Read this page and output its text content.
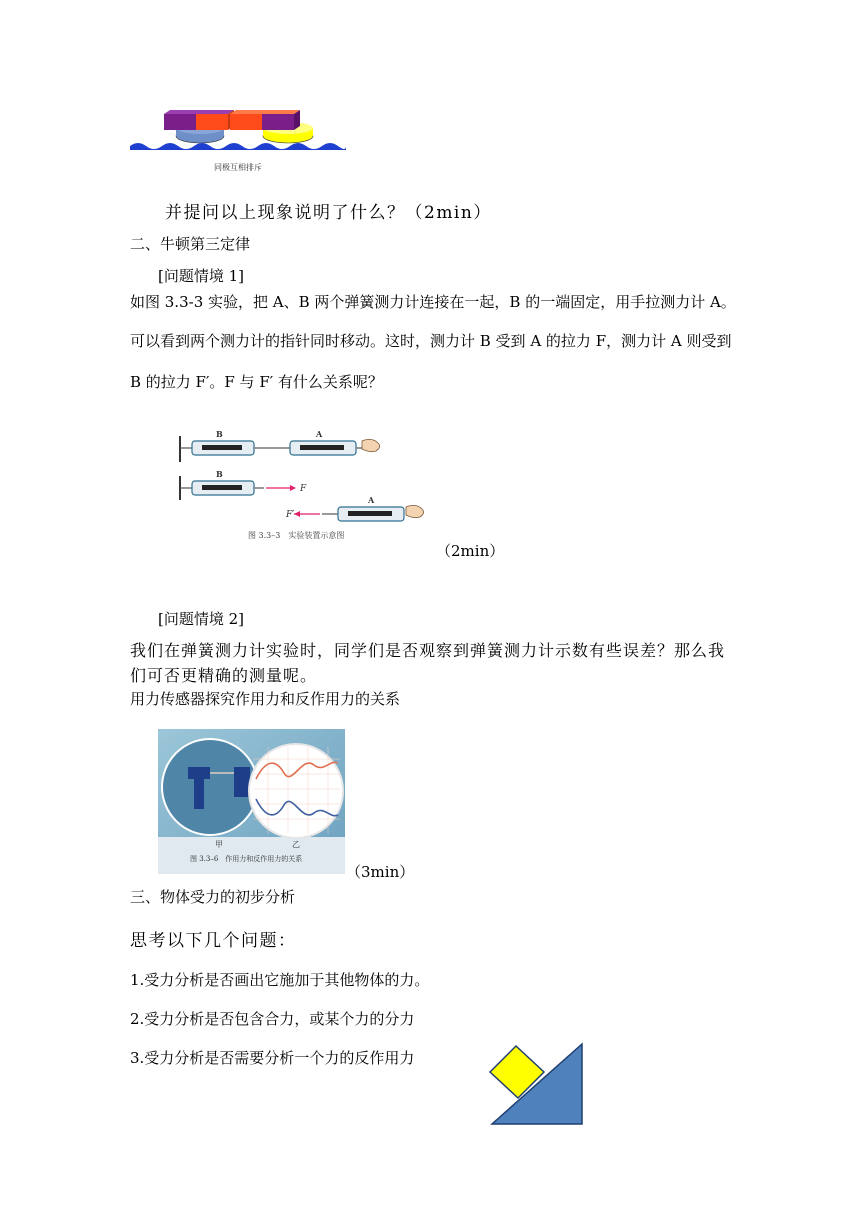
同极互相排斥
并提问以上现象说明了什么？（2min）
二、牛顿第三定律
[问题情境 1]
如图 3.3-3 实验，把 A、B 两个弹簧测力计连接在一起，B 的一端固定，用手拉测力计 A。
可以看到两个测力计的指针同时移动。这时，测力计 B 受到 A 的拉力 F，测力计 A 则受到
B 的拉力 F′。F 与 F′ 有什么关系呢？
B	A
F
B
F′
A
图 3.3–3　实验装置示意图
（2min）
[问题情境 2]
我们在弹簧测力计实验时，同学们是否观察到弹簧测力计示数有些误差？那么我
们可否更精确的测量呢。
用力传感器探究作用力和反作用力的关系
甲	乙
图 3.3–6　作用力和反作用力的关系
（3min）
三、物体受力的初步分析
思考以下几个问题：
1.受力分析是否画出它施加于其他物体的力。
2.受力分析是否包含合力，或某个力的分力
3.受力分析是否需要分析一个力的反作用力
